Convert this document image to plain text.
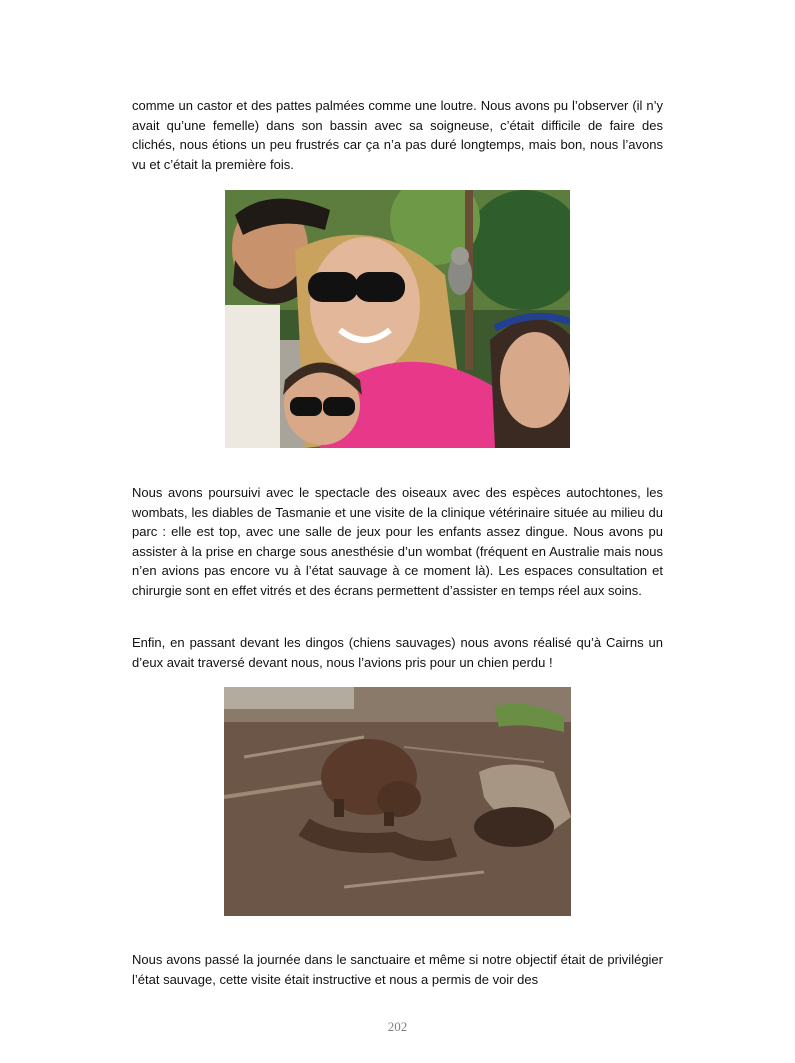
comme un castor et des pattes palmées comme une loutre. Nous avons pu l’observer (il n’y avait qu’une femelle) dans son bassin avec sa soigneuse, c’était difficile de faire des clichés, nous étions un peu frustrés car ça n’a pas duré longtemps, mais bon, nous l’avons vu et c’était la première fois.

Nous avons poursuivi avec le spectacle des oiseaux avec des espèces autochtones, les wombats, les diables de Tasmanie et une visite de la clinique vétérinaire située au milieu du parc : elle est top, avec une salle de jeux pour les enfants assez dingue. Nous avons pu assister à la prise en charge sous anesthésie d’un wombat (fréquent en Australie mais nous n’en avions pas encore vu à l’état sauvage à ce moment là). Les espaces consultation et chirurgie sont en effet vitrés et des écrans permettent d’assister en temps réel aux soins.

Enfin, en passant devant les dingos (chiens sauvages) nous avons réalisé qu’à Cairns un d’eux avait traversé devant nous, nous l’avions pris pour un chien perdu !

Nous avons passé la journée dans le sanctuaire et même si notre objectif était de privilégier l’état sauvage, cette visite était instructive et nous a permis de voir des

202
